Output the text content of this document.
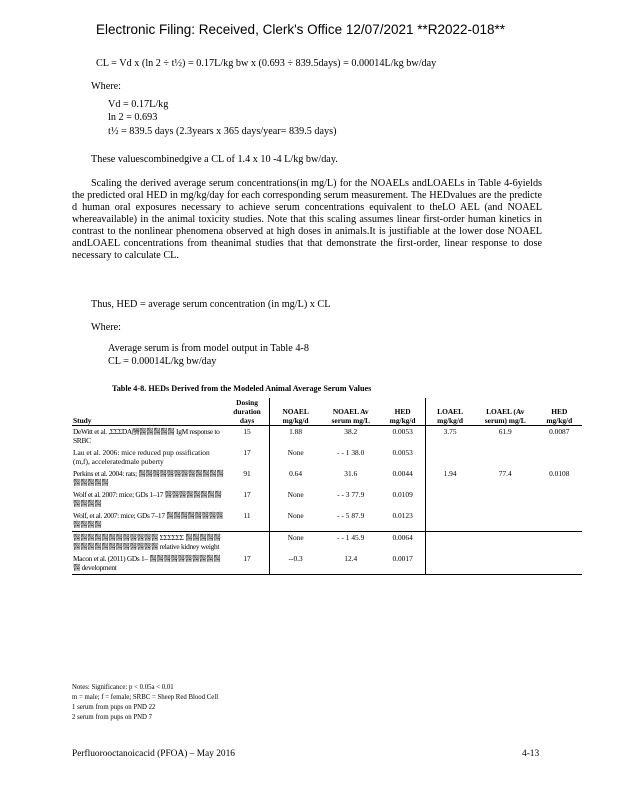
Electronic Filing: Received, Clerk's Office 12/07/2021 **R2022-018**
CL = Vd x (ln 2 ÷ t½) = 0.17L/kg bw x (0.693 ÷ 839.5days) = 0.00014L/kg bw/day
Where:
Vd = 0.17L/kg
ln 2 = 0.693
t½ = 839.5 days (2.3years x 365 days/year= 839.5 days)
These valuescombinedgive a CL of 1.4 x 10 -4 L/kg bw/day.
Scaling the derived average serum concentrations(in mg/L) for the NOAELs andLOAELs in Table 4-6yields the predicted oral HED in mg/kg/day for each corresponding serum measurement. The HEDvalues are the predicte d human oral exposures necessary to achieve serum concentrations equivalent to theLO AEL (and NOAEL whereavailable) in the animal toxicity studies. Note that this scaling assumes linear first-order human kinetics in contrast to the nonlinear phenomena observed at high doses in animals.It is justifiable at the lower dose NOAEL andLOAEL concentrations from theanimal studies that that demonstrate the first-order, linear response to dose necessary to calculate CL.
Thus, HED = average serum concentration (in mg/L) x CL
Where:
Average serum is from model output in Table 4-8
CL = 0.00014L/kg bw/day
Table 4-8. HEDs Derived from the Modeled Animal Average Serum Values
Study	Dosing duration days	NOAEL mg/kg/d	NOAEL Av serum mg/L	HED mg/kg/d	LOAEL mg/kg/d	LOAEL (Av serum) mg/L	HED mg/kg/d
DeWitt et al. ,ΣΣΣDA酬醫醫醫醫醫 IgM response to SRBC	15	1.88	38.2	0.0053	3.75	61.9	0.0087
Lau et al. 2006: mice reduced pup ossification (m,f), acceleratedmale puberty	17	None	- - 1 38.0	0.0053			
Perkins et al. 2004: rats; 醫醫醫醫醫醫醫醫醫醫醫醫醫醫醫醫醫	91	0.64	31.6	0.0044	1.94	77.4	0.0108
Wolf et al. 2007: mice; GDs 1–17 醫醫醫醫醫醫醫醫醫醫醫醫	17	None	- - 3 77.9	0.0109			
Wolf, et al. 2007: mice; GDs 7–17 醫醫醫醫醫醫醫醫醫醫醫醫	11	None	- - 5 87.9	0.0123			
醫醫醫醫醫醫醫醫醫醫醫醫 ΣΣΣΣΣΣ 醫醫醫醫醫醫醫醫醫醫醫醫醫醫醫醫醫 relative kidney weight		None	- - 1 45.9	0.0064			
Macon et al. (2011) GDs 1– 醫醫醫醫醫醫醫醫醫醫醫 development	17	--0.3	12.4	0.0017			
Notes: Significance: p < 0.05a < 0.01
m = male; f = female; SRBC = Sheep Red Blood Cell
1 serum from pups on PND 22
2 serum from pups on PND 7
Perfluorooctanoicacid (PFOA) – May 2016	4-13
